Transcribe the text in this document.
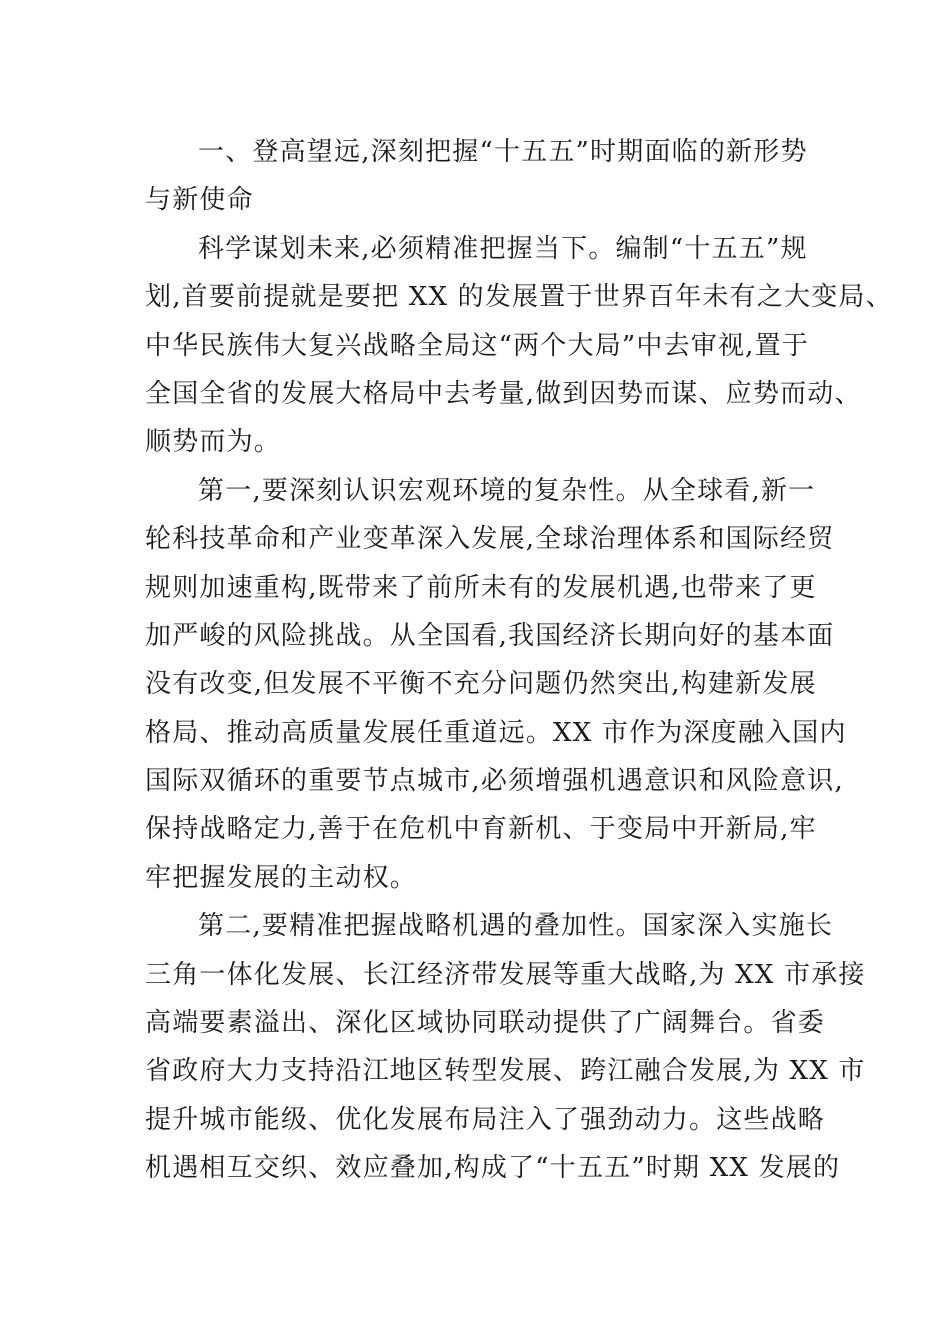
一、登高望远,深刻把握“十五五”时期面临的新形势
与新使命
科学谋划未来,必须精准把握当下。编制“十五五”规
划,首要前提就是要把 XX 的发展置于世界百年未有之大变局、
中华民族伟大复兴战略全局这“两个大局”中去审视,置于
全国全省的发展大格局中去考量,做到因势而谋、应势而动、
顺势而为。
第一,要深刻认识宏观环境的复杂性。从全球看,新一
轮科技革命和产业变革深入发展,全球治理体系和国际经贸
规则加速重构,既带来了前所未有的发展机遇,也带来了更
加严峻的风险挑战。从全国看,我国经济长期向好的基本面
没有改变,但发展不平衡不充分问题仍然突出,构建新发展
格局、推动高质量发展任重道远。XX 市作为深度融入国内
国际双循环的重要节点城市,必须增强机遇意识和风险意识,
保持战略定力,善于在危机中育新机、于变局中开新局,牢
牢把握发展的主动权。
第二,要精准把握战略机遇的叠加性。国家深入实施长
三角一体化发展、长江经济带发展等重大战略,为 XX 市承接
高端要素溢出、深化区域协同联动提供了广阔舞台。省委
省政府大力支持沿江地区转型发展、跨江融合发展,为 XX 市
提升城市能级、优化发展布局注入了强劲动力。这些战略
机遇相互交织、效应叠加,构成了“十五五”时期 XX 发展的
